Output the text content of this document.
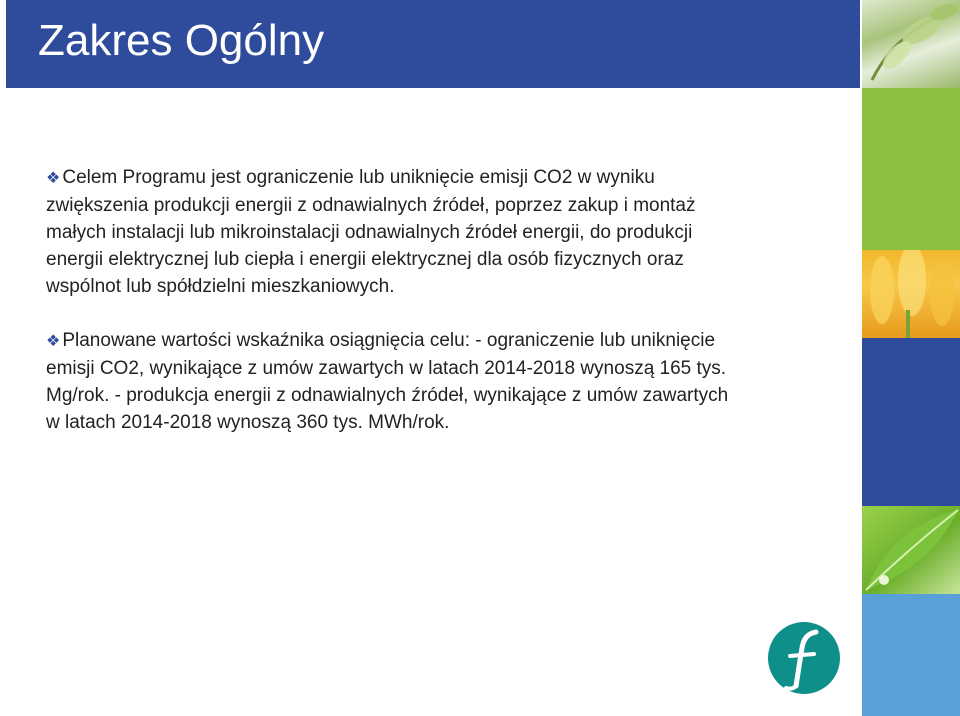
Zakres Ogólny

❖ Celem Programu jest ograniczenie lub uniknięcie emisji CO2 w wyniku zwiększenia produkcji energii z odnawialnych źródeł, poprzez zakup i montaż małych instalacji lub mikroinstalacji odnawialnych źródeł energii, do produkcji energii elektrycznej lub ciepła i energii elektrycznej dla osób fizycznych oraz wspólnot lub spółdzielni mieszkaniowych.

❖ Planowane wartości wskaźnika osiągnięcia celu: - ograniczenie lub uniknięcie emisji CO2, wynikające z umów zawartych w latach 2014-2018 wynoszą 165 tys. Mg/rok. - produkcja energii z odnawialnych źródeł, wynikające z umów zawartych w latach 2014-2018 wynoszą 360 tys. MWh/rok.
